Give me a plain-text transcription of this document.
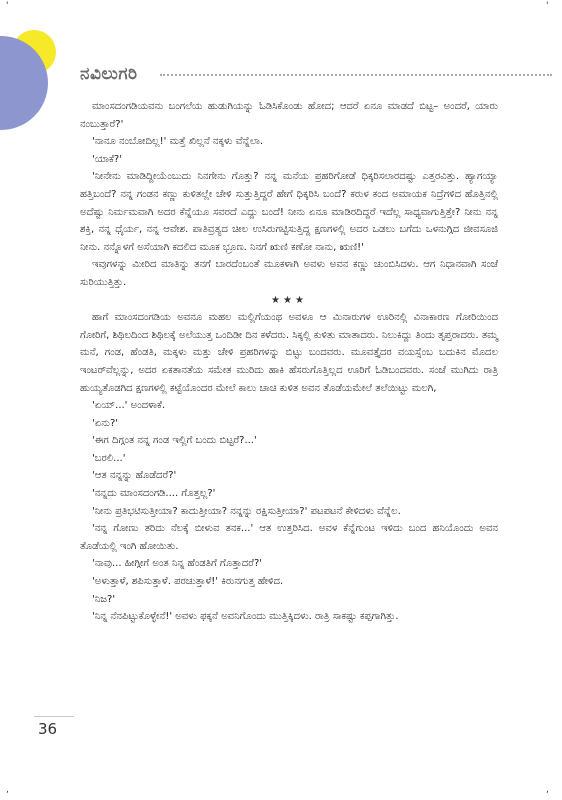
'	'
,	,
ನವಿಲುಗರಿ

ಮಾಂಸದಂಗಡಿಯವನು ಬಂಗಲೆಯ ಹುಡುಗಿಯನ್ನು ಓಡಿಸಿಕೊಂಡು ಹೋದ; ಆದರೆ ಏನೂ ಮಾಡದೆ ಬಿಟ್ಟ– ಅಂದರೆ, ಯಾರು ನಂಬುತ್ತಾರೆ?'

'ನಾನೂ ನಂಬೋದಿಲ್ಲ!' ಮತ್ತೆ ಖಿಲ್ಲನೆ ನಕ್ಕಳು ವೆನ್ನೆಲಾ.

'ಯಾಕೆ?'

'ನೀನೇನು ಮಾಡಿದ್ದೀಯೆಂಬುದು ನಿನಗೇನು ಗೊತ್ತು? ನನ್ನ ಮನೆಯ ಪ್ರಹರಿಗೋಡೆ ಧಿಕ್ಕರಿಸಲಾರದಷ್ಟು ಎತ್ತರವಿತ್ತು. ಹ್ಯಾಗಯ್ಯಾ ಹತ್ತಿಬಂದೆ? ನನ್ನ ಗಂಡನ ಕಣ್ಣು ಕುಳಿತಲ್ಲೇ ಚೇಳಿ ಸುತ್ತುತ್ತಿದ್ದರೆ ಹೇಗೆ ಧಿಕ್ಕರಿಸಿ ಬಂದೆ? ಕರುಳ ಕಂದ ಅಮಾಯಕ ನಿದ್ರೆಗಳಿದ ಹೊತ್ತಿನಲ್ಲಿ ಅದೆಷ್ಟು ನಿರ್ಮಮವಾಗಿ ಅದರ ಕೆನ್ನೆಯೂ ಸವರದೆ ಎದ್ದು ಬಂದೆ! ನೀನು ಏನೂ ಮಾಡಿರದಿದ್ದರೆ ಇದೆಲ್ಲ ಸಾಧ್ಯವಾಗುತ್ತಿತ್ತೇ? ನೀನು ನನ್ನ ಶಕ್ತಿ, ನನ್ನ ಧೈರ್ಯ, ನನ್ನ ಆವೇಶ. ಪಾತಿವ್ರತ್ಯದ ಚೀಲ ಉಸಿರುಗಟ್ಟಿಸುತ್ತಿದ್ದ ಕ್ಷಣಗಳಲ್ಲಿ ಅದರ ಒಡಲು ಬಗೆದು ಒಳನುಗ್ಗಿದ ಜೀವಸೂಜಿ ನೀನು. ನನ್ನೊಳಗೆ ಅಸೆಯಾಗಿ ಕದಲಿದ ಮೂಕ ಭ್ರೂಣ. ನಿನಗೆ ಋಣಿ ಕಣೋ ನಾನು, ಋಣಿ!'

ಇವುಗಳನ್ನು ಮೀರಿದ ಮಾತಿನ್ನು ತನಗೆ ಬಾರದೆಂಬಂತೆ ಮೂಕಳಾಗಿ ಅವಳು ಅವನ ಕಣ್ಣು ಚುಂಬಿಸಿದಳು. ಆಗ ನಿಧಾನವಾಗಿ ಸಂಜೆ ಸುರಿಯುತ್ತಿತ್ತು.

★★★

ಹಾಗೆ ಮಾಂಸದಂಗಡಿಯ ಅವನೂ ಮಹಲ ಮಲ್ಲಿಗೆಯಂಥ ಅವಳೂ ಆ ಮಿನಾರುಗಳ ಊರಿನಲ್ಲಿ ವಿನಾಕಾರಣ ಗೋರಿಯಿಂದ ಗೋರಿಗೆ, ಶಿಥಿಲದಿಂದ ಶಿಥಿಲಕ್ಕೆ ಅಲೆಯುತ್ತ ಒಂದಿಡೀ ದಿನ ಕಳೆದರು. ಸಿಕ್ಕಲ್ಲಿ ಕುಳಿತು ಮಾತಾದರು. ನಿಲುಕಿದ್ದು ತಿಂದು ತೃಪ್ತರಾದರು. ತಮ್ಮ ಮನೆ, ಗಂಡ, ಹೆಂಡತಿ, ಮಕ್ಕಳು ಮತ್ತು ಚೇಳಿ ಪ್ರಹರಿಗಳನ್ನು ಬಿಟ್ಟು ಬಂದವರು. ಮೂವತ್ತೈದರ ವಯಸ್ಸೆಂಬ ಬದುಕಿನ ಮೊದಲ ಇಂಟರ್‌ವೆಲ್ಲನ್ನು, ಅದರ ಏಕತಾನತೆಯ ಸಮೇತ ಮುರಿದು ಹಾಕಿ ಹೆಸರುಗೊತ್ತಿಲ್ಲದ ಊರಿಗೆ ಓಡಿಬಂದವರು. ಸಂಜೆ ಮುಗಿದು ರಾತ್ರಿ ಹುಯ್ಯತೊಡಗಿದ ಕ್ಷಣಗಳಲ್ಲಿ ಕಟ್ಟೆಯೊಂದರ ಮೇಲೆ ಕಾಲು ಚಾಚಿ ಕುಳಿತ ಅವನ ತೊಡೆಯಮೇಲೆ ತಲೆಯಿಟ್ಟು ಮಲಗಿ,

'ಏಯ್...' ಅಂದಳಾಕೆ.

'ಏನು?'

'ಈಗ ದಿಗ್ಗಂತ ನನ್ನ ಗಂಡ ಇಲ್ಲಿಗೆ ಬಂದು ಬಿಟ್ಟರೆ?...'

'ಬರಲಿ...'

'ಆತ ನನ್ನನ್ನು ಹೊಡೆದರೆ?'

'ನನ್ನದು ಮಾಂಸದಂಗಡಿ.... ಗೊತ್ತಲ್ಲ?'

'ನೀನು ಪ್ರತಿಭಟಿಸುತ್ತೀಯಾ? ಕಾದುತ್ತೀಯಾ? ನನ್ನನ್ನು ರಕ್ಷಿಸುತ್ತೀಯಾ?' ಪಟಪಟನೆ ಕೇಳಿದಳು ವೆನ್ನೆಲ.

'ನನ್ನ ಗೋಣು ತರಿದು ನೆಲಕ್ಕೆ ಬೀಳುವ ತನಕ...' ಆತ ಉತ್ತರಿಸಿದ. ಅವಳ ಕೆನ್ನೆಗುಂಟ ಇಳಿದು ಬಂದ ಹನಿಯೊಂದು ಅವನ ತೊಡೆಯಲ್ಲಿ ಇಂಗಿ ಹೋಯಿತು.

'ನಾವು... ಹೀಗ್ಗೀಗೆ ಅಂತ ನಿನ್ನ ಹೆಂಡತಿಗೆ ಗೊತ್ತಾದರೆ?'

'ಅಳುತ್ತಾಳೆ, ಶಪಿಸುತ್ತಾಳೆ. ಪರಚುತ್ತಾಳೆ!' ಕಿರುನಗುತ್ತ ಹೇಳಿದ.

'ನಿಜ?'

'ನಿನ್ನ ನೆನಪಿಟ್ಟುಕೊಳ್ಳೇನೆ!' ಅವಳು ಫಕ್ಕನೆ ಅವನಿಗೊಂದು ಮುತ್ತಿಕ್ಕಿದಳು. ರಾತ್ರಿ ಸಾಕಷ್ಟು ಕಪ್ಪಗಾಗಿತ್ತು.

36
